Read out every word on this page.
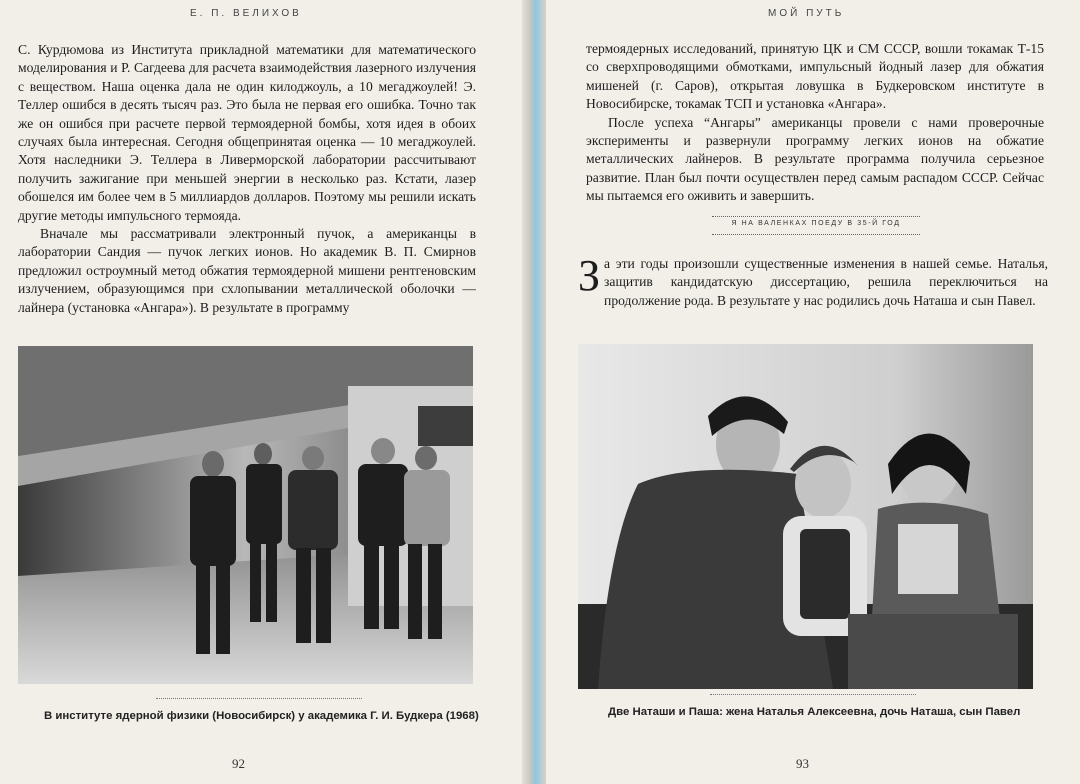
Е. П. ВЕЛИХОВ

С. Курдюмова из Института прикладной математики для математического моделирования и Р. Сагдеева для расчета взаимодействия лазерного излучения с веществом. Наша оценка дала не один килоджоуль, а 10 мегаджоулей! Э. Теллер ошибся в десять тысяч раз. Это была не первая его ошибка. Точно так же он ошибся при расчете первой термоядерной бомбы, хотя идея в обоих случаях была интересная. Сегодня общепринятая оценка — 10 мегаджоулей. Хотя наследники Э. Теллера в Ливерморской лаборатории рассчитывают получить зажигание при меньшей энергии в несколько раз. Кстати, лазер обошелся им более чем в 5 миллиардов долларов. Поэтому мы решили искать другие методы импульсного термояда.

Вначале мы рассматривали электронный пучок, а американцы в лаборатории Сандия — пучок легких ионов. Но академик В. П. Смирнов предложил остроумный метод обжатия термоядерной мишени рентгеновским излучением, образующимся при схлопывании металлической оболочки — лайнера (установка «Ангара»). В результате в программу

В институте ядерной физики (Новосибирск) у академика Г. И. Будкера (1968)
92
МОЙ ПУТЬ

термоядерных исследований, принятую ЦК и СМ СССР, вошли токамак Т-15 со сверхпроводящими обмотками, импульсный йодный лазер для обжатия мишеней (г. Саров), открытая ловушка в Будкеровском институте в Новосибирске, токамак ТСП и установка «Ангара».

После успеха “Ангары” американцы провели с нами проверочные эксперименты и развернули программу легких ионов на обжатие металлических лайнеров. В результате программа получила серьезное развитие. План был почти осуществлен перед самым распадом СССР. Сейчас мы пытаемся его оживить и завершить.

Я НА ВАЛЕНКАХ ПОЕДУ В 35-Й ГОД
З а эти годы произошли существенные изменения в нашей семье. Наталья, защитив кандидатскую диссертацию, решила переключиться на продолжение рода. В результате у нас родились дочь Наташа и сын Павел.
Две Наташи и Паша: жена Наталья Алексеевна, дочь Наташа, сын Павел
93
